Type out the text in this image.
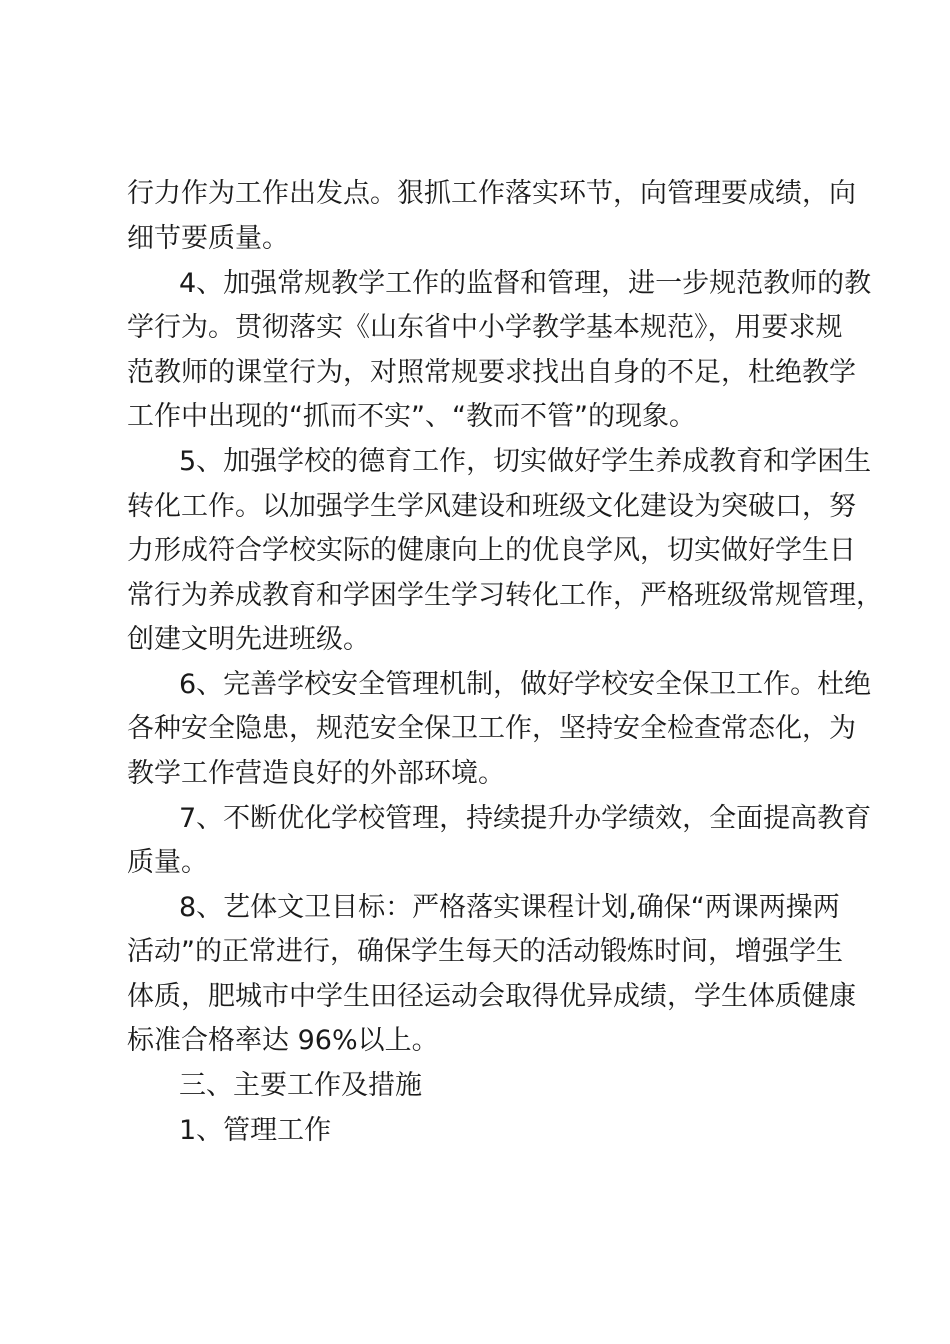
行力作为工作出发点。狠抓工作落实环节，向管理要成绩，向
细节要质量。
4、加强常规教学工作的监督和管理，进一步规范教师的教
学行为。贯彻落实《山东省中小学教学基本规范》，用要求规
范教师的课堂行为，对照常规要求找出自身的不足，杜绝教学
工作中出现的“抓而不实”、“教而不管”的现象。
5、加强学校的德育工作，切实做好学生养成教育和学困生
转化工作。以加强学生学风建设和班级文化建设为突破口，努
力形成符合学校实际的健康向上的优良学风，切实做好学生日
常行为养成教育和学困学生学习转化工作，严格班级常规管理，
创建文明先进班级。
6、完善学校安全管理机制，做好学校安全保卫工作。杜绝
各种安全隐患，规范安全保卫工作，坚持安全检查常态化，为
教学工作营造良好的外部环境。
7、不断优化学校管理，持续提升办学绩效，全面提高教育
质量。
8、艺体文卫目标：严格落实课程计划,确保“两课两操两
活动”的正常进行，确保学生每天的活动锻炼时间，增强学生
体质，肥城市中学生田径运动会取得优异成绩，学生体质健康
标准合格率达 96%以上。
三、主要工作及措施
1、管理工作
